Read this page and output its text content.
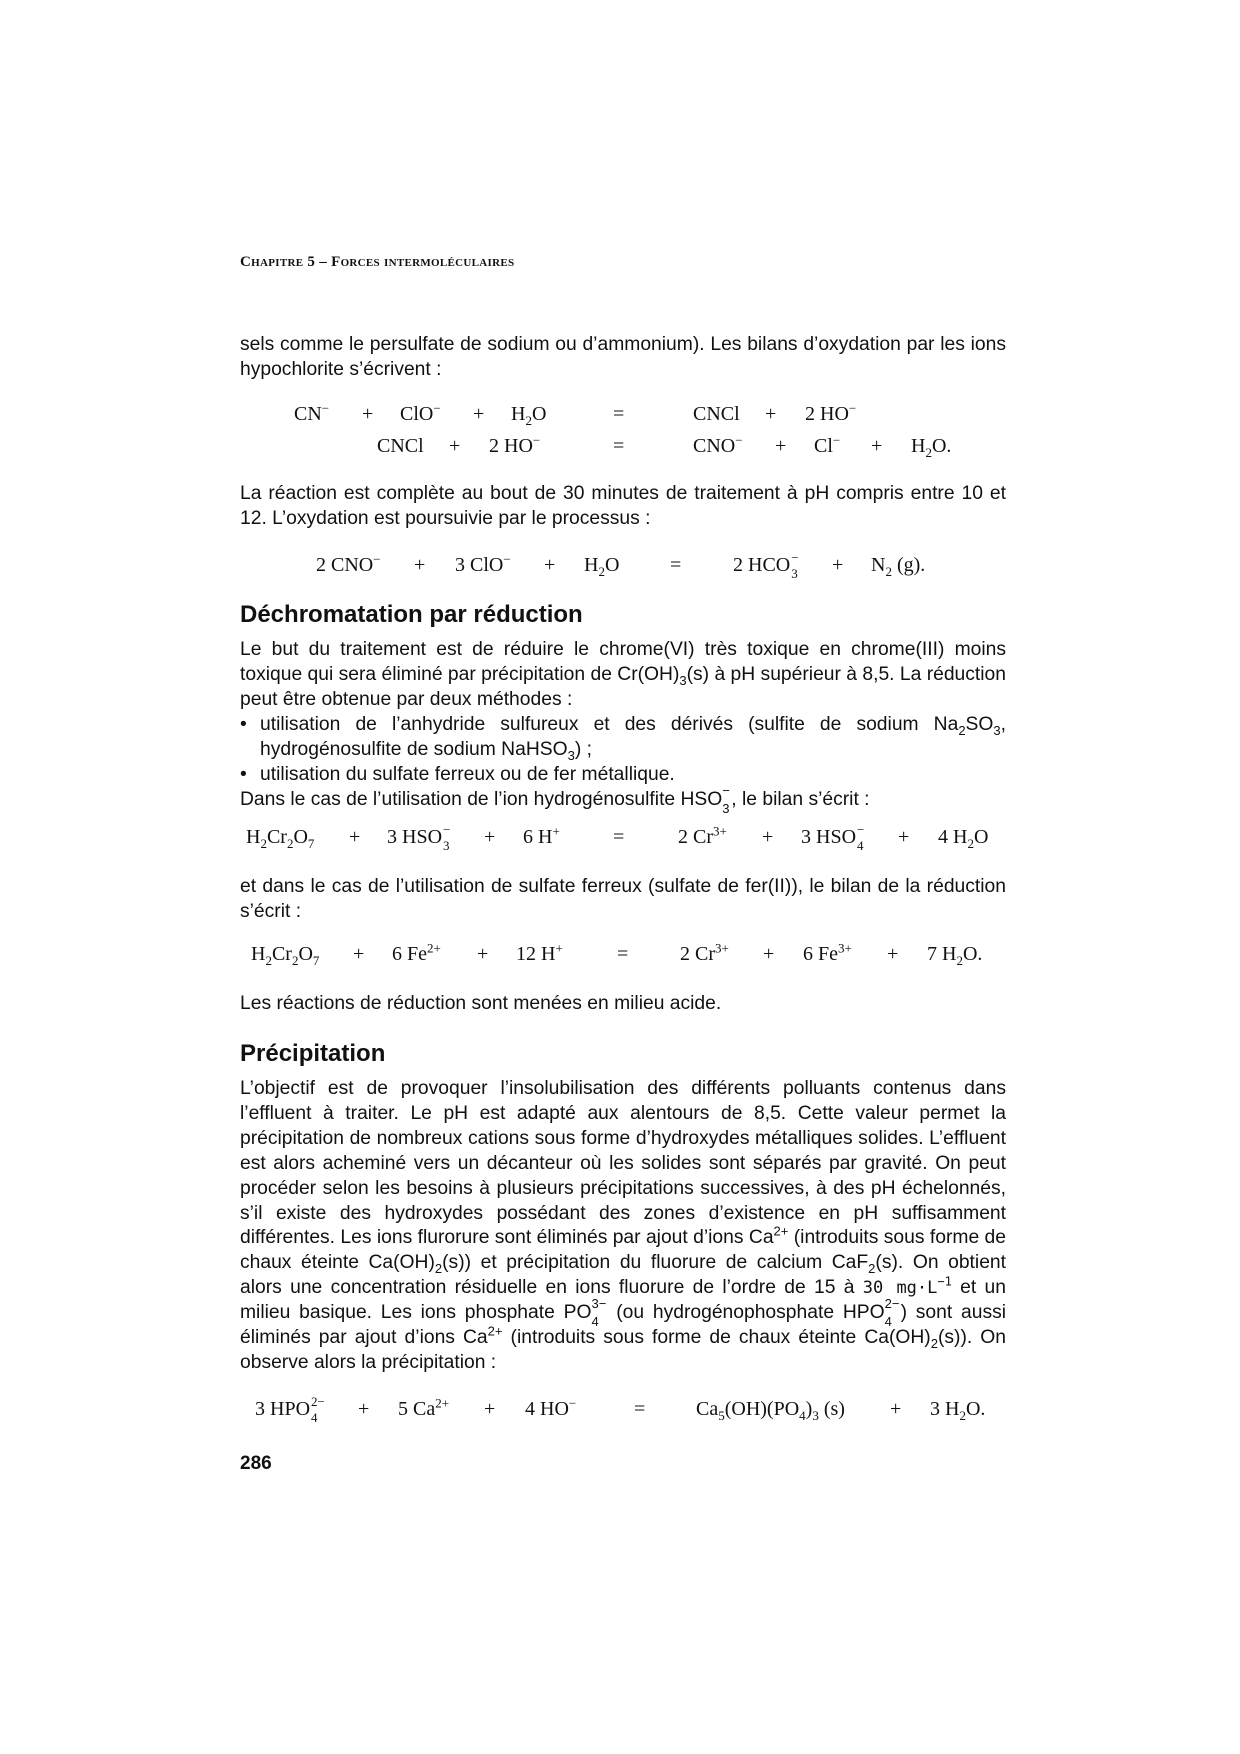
Chapitre 5 – Forces intermoléculaires
sels comme le persulfate de sodium ou d’ammonium). Les bilans d’oxydation par les ions hypochlorite s’écrivent :
$CN^- + ClO^- + H_2O$	=	CNCl + 2 HO−
CNCl + 2 HO−	=	$CNO^- + Cl^- + H_2O$.
La réaction est complète au bout de 30 minutes de traitement à pH compris entre 10 et 12. L’oxydation est poursuivie par le processus :
2 CNO− + 3 $ClO^- + H_2O$	=	2 HCO −
$3 + N_2$ (g).
Déchromatation par réduction
Le but du traitement est de réduire le chrome(VI) très toxique en chrome(III) moins toxique qui sera éliminé par précipitation de $Cr(OH)_3(s)$ à pH supérieur à 8,5. La réduction peut être obtenue par deux méthodes :
• utilisation de l’anhydride sulfureux et des dérivés (sulfite de sodium $Na_2SO_3$, hydrogénosulfite de sodium NaHSO$_3$) ;
• utilisation du sulfate ferreux ou de fer métallique.
Dans le cas de l’utilisation de l’ion hydrogénosulfite HSO −
3 , le bilan s’écrit :
$H_2Cr_2O_7 + 3$ HSO −
3 + 6 H+	=	2 $Cr^{3+} + 3$ HSO −
4 + 4 $H_2O$
et dans le cas de l’utilisation de sulfate ferreux (sulfate de fer(II)), le bilan de la réduction s’écrit :
$H_2Cr_2O_7 + 6$ $Fe^{2+} + 12$ H+	=	2 $Cr^{3+} + 6$ $Fe^{3+} + 7$ $H_2O$.
Les réactions de réduction sont menées en milieu acide.
Précipitation
L’objectif est de provoquer l’insolubilisation des différents polluants contenus dans l’effluent à traiter. Le pH est adapté aux alentours de 8,5. Cette valeur permet la précipitation de nombreux cations sous forme d’hydroxydes métalliques solides. L’effluent est alors acheminé vers un décanteur où les solides sont séparés par gravité. On peut procéder selon les besoins à plusieurs précipitations successives, à des pH échelonnés, s’il existe des hydroxydes possédant des zones d’existence en pH suffisamment différentes. Les ions flurorure sont éliminés par ajout d’ions $Ca^{2+}$ (introduits sous forme de chaux éteinte $Ca(OH)_2(s)$) et précipitation du fluorure de calcium CaF$_2$(s). On obtient alors une concentration résiduelle en ions fluorure de l’ordre de 15 à 30 $mg\cdot L^{-1}$ et un milieu basique. Les ions phosphate PO 3−
4 (ou hydrogénophosphate HPO 2−
4 ) sont aussi éliminés par ajout d’ions $Ca^{2+}$ (introduits sous forme de chaux éteinte $Ca(OH)_2(s)$). On observe alors la précipitation :
3 HPO 2−
4 + 5 $Ca^{2+} + 4$ HO−	=	$Ca_5(OH)(PO_4)_3$ (s) + 3 $H_2O$.
286
